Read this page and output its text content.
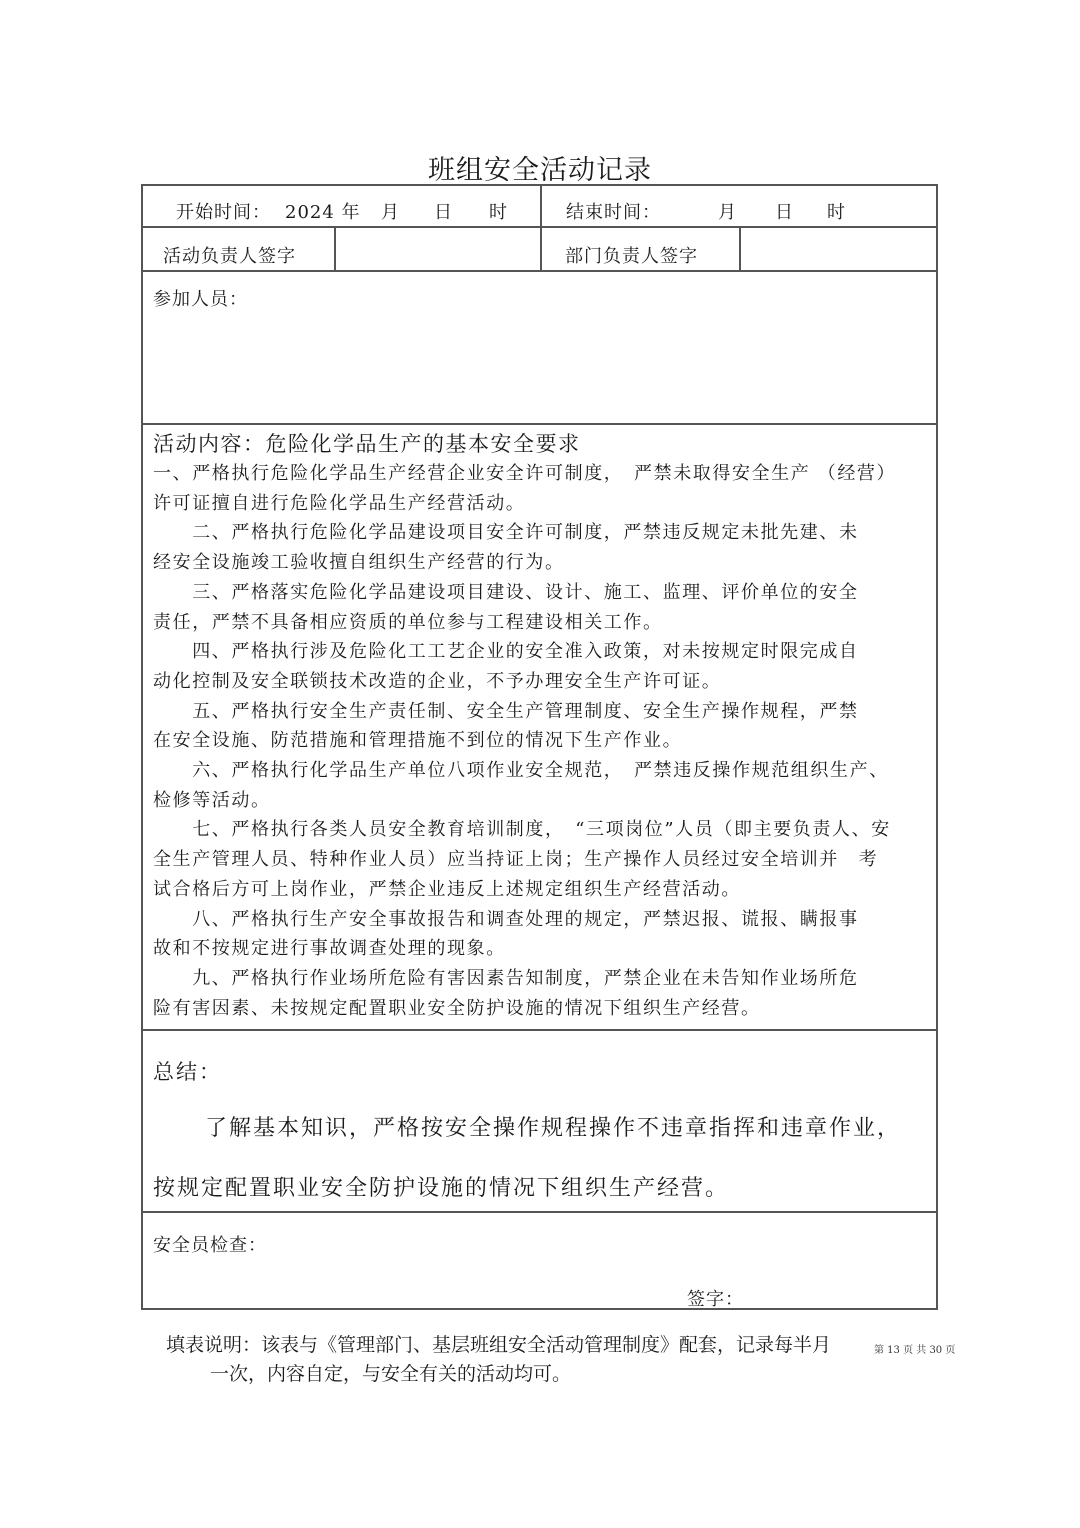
班组安全活动记录
开始时间： 2024 年 月 日 时	结束时间：	月 日 时
活动负责人签字	部门负责人签字
参加人员：
活动内容：危险化学品生产的基本安全要求
一、严格执行危险化学品生产经营企业安全许可制度，　严禁未取得安全生产 （经营）
许可证擅自进行危险化学品生产经营活动。
　　二、严格执行危险化学品建设项目安全许可制度，严禁违反规定未批先建、未
经安全设施竣工验收擅自组织生产经营的行为。
　　三、严格落实危险化学品建设项目建设、设计、施工、监理、评价单位的安全
责任，严禁不具备相应资质的单位参与工程建设相关工作。
　　四、严格执行涉及危险化工工艺企业的安全准入政策，对未按规定时限完成自
动化控制及安全联锁技术改造的企业，不予办理安全生产许可证。
　　五、严格执行安全生产责任制、安全生产管理制度、安全生产操作规程，严禁
在安全设施、防范措施和管理措施不到位的情况下生产作业。
　　六、严格执行化学品生产单位八项作业安全规范，　严禁违反操作规范组织生产、
检修等活动。
　　七、严格执行各类人员安全教育培训制度，　“三项岗位”人员（即主要负责人、安
全生产管理人员、特种作业人员）应当持证上岗；生产操作人员经过安全培训并　考
试合格后方可上岗作业，严禁企业违反上述规定组织生产经营活动。
　　八、严格执行生产安全事故报告和调查处理的规定，严禁迟报、谎报、瞒报事
故和不按规定进行事故调查处理的现象。
　　九、严格执行作业场所危险有害因素告知制度，严禁企业在未告知作业场所危
险有害因素、未按规定配置职业安全防护设施的情况下组织生产经营。
总结：
了解基本知识，严格按安全操作规程操作不违章指挥和违章作业，
按规定配置职业安全防护设施的情况下组织生产经营。
安全员检查：
签字：
填表说明：该表与《管理部门、基层班组安全活动管理制度》配套，记录每半月
一次，内容自定，与安全有关的活动均可。
第 13 页 共 30 页
